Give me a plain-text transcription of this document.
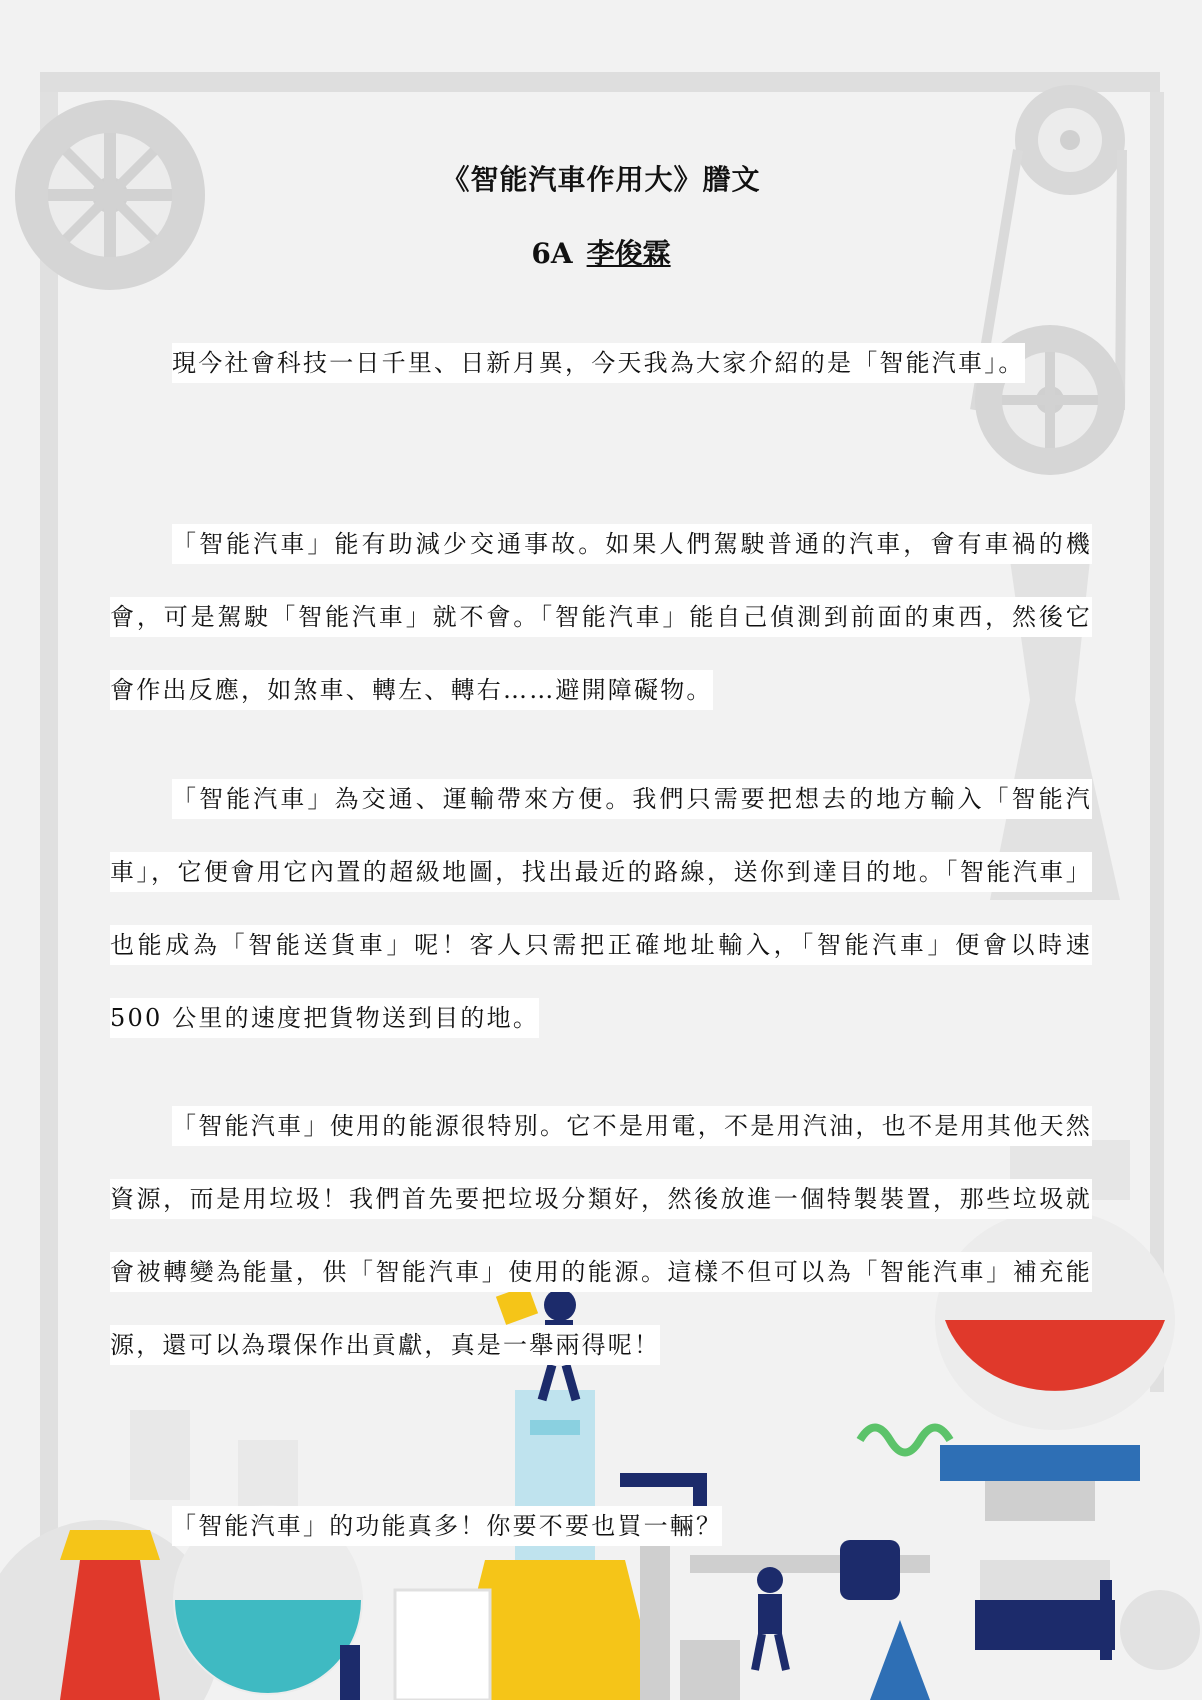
《智能汽車作用大》謄文
6A 李俊霖
現今社會科技一日千里、日新月異，今天我為大家介紹的是「智能汽車」。
「智能汽車」能有助減少交通事故。如果人們駕駛普通的汽車，會有車禍的機會，可是駕駛「智能汽車」就不會。「智能汽車」能自己偵測到前面的東西，然後它會作出反應，如煞車、轉左、轉右……避開障礙物。
「智能汽車」為交通、運輸帶來方便。我們只需要把想去的地方輸入「智能汽車」，它便會用它內置的超級地圖，找出最近的路線，送你到達目的地。「智能汽車」也能成為「智能送貨車」呢！客人只需把正確地址輸入，「智能汽車」便會以時速 500 公里的速度把貨物送到目的地。
「智能汽車」使用的能源很特別。它不是用電，不是用汽油，也不是用其他天然資源，而是用垃圾！我們首先要把垃圾分類好，然後放進一個特製裝置，那些垃圾就會被轉變為能量，供「智能汽車」使用的能源。這樣不但可以為「智能汽車」補充能源，還可以為環保作出貢獻，真是一舉兩得呢！
「智能汽車」的功能真多！你要不要也買一輛？
